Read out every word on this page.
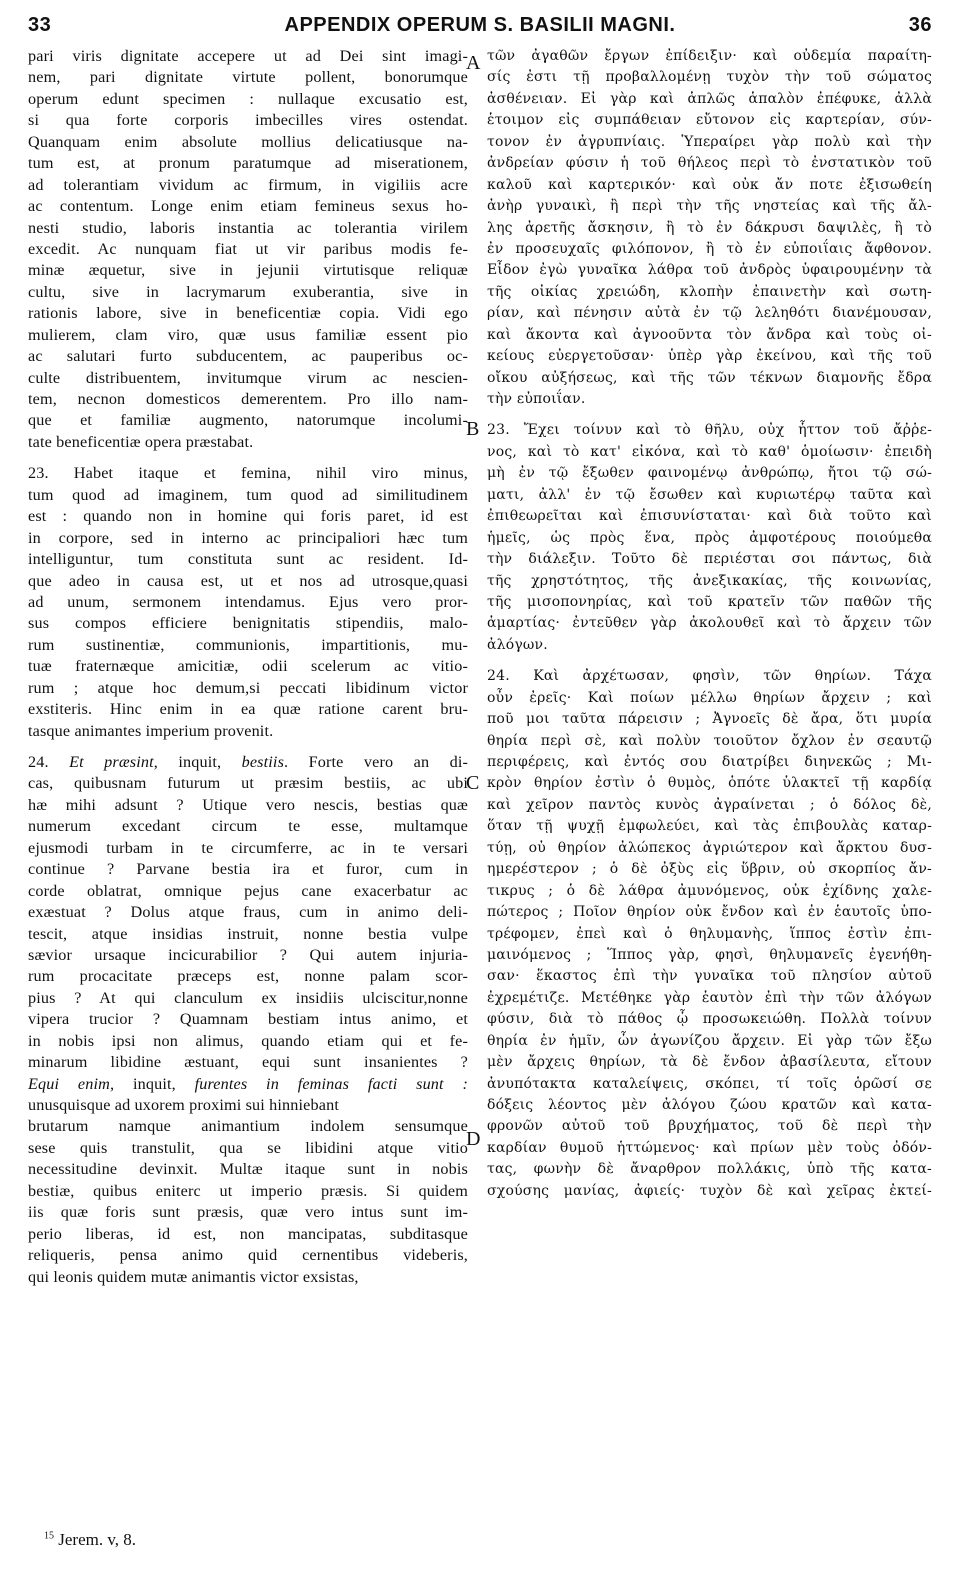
33	APPENDIX OPERUM S. BASILII MAGNI.	36
pari viris dignitate accepere ut ad Dei sint imagi-
nem, pari dignitate virtute pollent, bonorumque
operum edunt specimen : nullaque excusatio est,
si qua forte corporis imbecilles vires ostendat.
Quanquam enim absolute mollius delicatiusque na-
tum est, at pronum paratumque ad miserationem,
ad tolerantiam vividum ac firmum, in vigiliis acre
ac contentum. Longe enim etiam femineus sexus ho-
nesti studio, laboris instantia ac tolerantia virilem
excedit. Ac nunquam fiat ut vir paribus modis fe-
minæ æquetur, sive in jejunii virtutisque reliquæ
cultu, sive in lacrymarum exuberantia, sive in
rationis labore, sive in beneficentiæ copia. Vidi ego
mulierem, clam viro, quæ usus familiæ essent pio
ac salutari furto subducentem, ac pauperibus oc-
culte distribuentem, invitumque virum ac nescien-
tem, necnon domesticos demerentem. Pro illo nam-
que et familiæ augmento, natorumque incolumi-
tate beneficentiæ opera præstabat.
23. Habet itaque et femina, nihil viro minus,
tum quod ad imaginem, tum quod ad similitudinem
est : quando non in homine qui foris paret, id est
in corpore, sed in interno ac principaliori hæc tum
intelliguntur, tum constituta sunt ac resident. Id-
que adeo in causa est, ut et nos ad utrosque,quasi
ad unum, sermonem intendamus. Ejus vero pror-
sus compos efficiere benignitatis stipendiis, malo-
rum sustinentiæ, communionis, impartitionis, mu-
tuæ fraternæque amicitiæ, odii scelerum ac vitio-
rum ; atque hoc demum,si peccati libidinum victor
exstiteris. Hinc enim in ea quæ ratione carent bru-
tasque animantes imperium provenit.
24. Et præsint, inquit, bestiis. Forte vero an di-
cas, quibusnam futurum ut præsim bestiis, ac ubi
hæ mihi adsunt ? Utique vero nescis, bestias quæ
numerum excedant circum te esse, multamque
ejusmodi turbam in te circumferre, ac in te versari
continue ? Parvane bestia ira et furor, cum in
corde oblatrat, omnique pejus cane exacerbatur ac
exæstuat ? Dolus atque fraus, cum in animo deli-
tescit, atque insidias instruit, nonne bestia vulpe
sævior ursaque incicurabilior ? Qui autem injuria-
rum procacitate præceps est, nonne palam scor-
pius ? At qui clanculum ex insidiis ulciscitur,nonne
vipera trucior ? Quamnam bestiam intus animo, et
in nobis ipsi non alimus, quando etiam qui et fe-
minarum libidine æstuant, equi sunt insanientes ?
Equi enim, inquit, furentes in feminas facti sunt :
unusquisque ad uxorem proximi sui hinniebant
brutarum namque animantium indolem sensumque
sese quis transtulit, qua se libidini atque vitio
necessitudine devinxit. Multæ itaque sunt in nobis
bestiæ, quibus eniterc ut imperio præsis. Si quidem
iis quæ foris sunt præsis, quæ vero intus sunt im-
perio liberas, id est, non mancipatas, subditasque
reliqueris, pensa animo quid cernentibus videberis,
qui leonis quidem mutæ animantis victor exsistas,
τῶν ἀγαθῶν ἔργων ἐπίδειξιν· καὶ οὐδεμία παραίτη-
σίς ἐστι τῇ προβαλλομένῃ τυχὸν τὴν τοῦ σώματος
ἀσθένειαν. Εἰ γὰρ καὶ ἁπλῶς ἁπαλὸν ἐπέφυκε, ἀλλὰ
ἑτοιμον εἰς συμπάθειαν εὔτονον εἰς καρτερίαν, σύν-
τονον ἐν ἀγρυπνίαις. Ὑπεραίρει γὰρ πολὺ καὶ τὴν
ἀνδρείαν φύσιν ἡ τοῦ θήλεος περὶ τὸ ἐνστατικὸν τοῦ
καλοῦ καὶ καρτερικόν· καὶ οὐκ ἄν ποτε ἐξισωθείη
ἀνὴρ γυναικὶ, ἢ περὶ τὴν τῆς νηστείας καὶ τῆς ἄλ-
λης ἀρετῆς ἄσκησιν, ἢ τὸ ἐν δάκρυσι δαψιλὲς, ἢ τὸ
ἐν προσευχαῖς φιλόπονον, ἢ τὸ ἐν εὐποιΐαις ἄφθονον.
Εἶδον ἐγὼ γυναῖκα λάθρα τοῦ ἀνδρὸς ὑφαιρουμένην τὰ
τῆς οἰκίας χρειώδη, κλοπὴν ἐπαινετὴν καὶ σωτη-
ρίαν, καὶ πένησιν αὐτὰ ἐν τῷ λεληθότι διανέμουσαν,
καὶ ἄκοντα καὶ ἀγνοοῦντα τὸν ἄνδρα καὶ τοὺς οἰ-
κείους εὐεργετοῦσαν· ὑπὲρ γὰρ ἐκείνου, καὶ τῆς τοῦ
οἴκου αὐξήσεως, καὶ τῆς τῶν τέκνων διαμονῆς ἔδρα
τὴν εὐποιΐαν.
23. Ἔχει τοίνυν καὶ τὸ θῆλυ, οὐχ ἧττον τοῦ ἄῤῥε-
νος, καὶ τὸ κατ' εἰκόνα, καὶ τὸ καθ' ὁμοίωσιν· ἐπειδὴ
μὴ ἐν τῷ ἔξωθεν φαινομένῳ ἀνθρώπῳ, ἤτοι τῷ σώ-
ματι, ἀλλ' ἐν τῷ ἔσωθεν καὶ κυριωτέρῳ ταῦτα καὶ
ἐπιθεωρεῖται καὶ ἐπισυνίσταται· καὶ διὰ τοῦτο καὶ
ἡμεῖς, ὡς πρὸς ἕνα, πρὸς ἀμφοτέρους ποιούμεθα
τὴν διάλεξιν. Τοῦτο δὲ περιέσται σοι πάντως, διὰ
τῆς χρηστότητος, τῆς ἀνεξικακίας, τῆς κοινωνίας,
τῆς μισοπονηρίας, καὶ τοῦ κρατεῖν τῶν παθῶν τῆς
ἁμαρτίας· ἐντεῦθεν γὰρ ἀκολουθεῖ καὶ τὸ ἄρχειν τῶν
ἀλόγων.
24. Καὶ ἀρχέτωσαν, φησὶν, τῶν θηρίων. Τάχα
οὖν ἐρεῖς· Καὶ ποίων μέλλω θηρίων ἄρχειν ; καὶ
ποῦ μοι ταῦτα πάρεισιν ; Ἀγνοεῖς δὲ ἄρα, ὅτι μυρία
θηρία περὶ σὲ, καὶ πολὺν τοιοῦτον ὄχλον ἐν σεαυτῷ
περιφέρεις, καὶ ἐντός σου διατρίβει διηνεκῶς ; Μι-
κρὸν θηρίον ἐστὶν ὁ θυμὸς, ὁπότε ὑλακτεῖ τῇ καρδίᾳ
καὶ χεῖρον παντὸς κυνὸς ἀγραίνεται ; ὁ δόλος δὲ,
ὅταν τῇ ψυχῇ ἐμφωλεύει, καὶ τὰς ἐπιβουλὰς καταρ-
τύῃ, οὐ θηρίον ἀλώπεκος ἀγριώτερον καὶ ἄρκτου δυσ-
ημερέστερον ; ὁ δὲ ὀξὺς εἰς ὕβριν, οὐ σκορπίος ἄν-
τικρυς ; ὁ δὲ λάθρα ἀμυνόμενος, οὐκ ἐχίδνης χαλε-
πώτερος ; Ποῖον θηρίον οὐκ ἔνδον καὶ ἐν ἑαυτοῖς ὑπο-
τρέφομεν, ἐπεὶ καὶ ὁ θηλυμανὴς, ἵππος ἐστὶν ἐπι-
μαινόμενος ; Ἵππος γὰρ, φησὶ, θηλυμανεῖς ἐγενήθη-
σαν· ἕκαστος ἐπὶ τὴν γυναῖκα τοῦ πλησίον αὐτοῦ
ἐχρεμέτιζε. Μετέθηκε γὰρ ἑαυτὸν ἐπὶ τὴν τῶν ἀλόγων
φύσιν, διὰ τὸ πάθος ᾧ προσωκειώθη. Πολλὰ τοίνυν
θηρία ἐν ἡμῖν, ὧν ἀγωνίζου ἄρχειν. Εἰ γὰρ τῶν ἔξω
μὲν ἄρχεις θηρίων, τὰ δὲ ἔνδον ἀβασίλευτα, εἴτουν
ἀνυπότακτα καταλείψεις, σκόπει, τί τοῖς ὁρῶσί σε
δόξεις λέοντος μὲν ἀλόγου ζώου κρατῶν καὶ κατα-
φρονῶν αὐτοῦ τοῦ βρυχήματος, τοῦ δὲ περὶ τὴν
καρδίαν θυμοῦ ἡττώμενος· καὶ πρίων μὲν τοὺς ὀδόν-
τας, φωνὴν δὲ ἄναρθρον πολλάκις, ὑπὸ τῆς κατα-
σχούσης μανίας, ἀφιείς· τυχὸν δὲ καὶ χεῖρας ἐκτεί-
A
B
C
D
$^{15}$ Jerem. v, 8.
